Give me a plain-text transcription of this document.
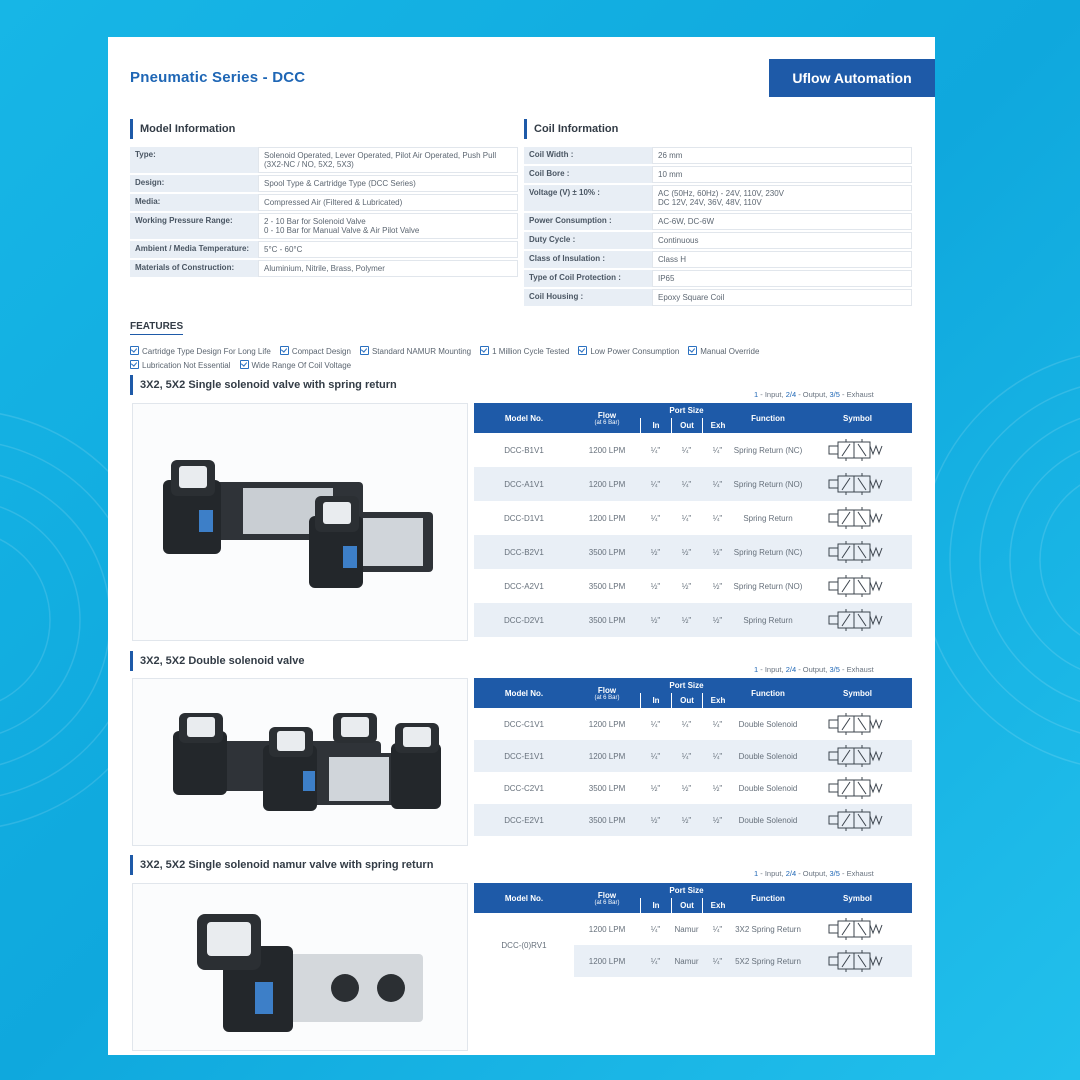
Pneumatic Series - DCC	Uflow Automation
Model Information
Type:	Solenoid Operated, Lever Operated, Pilot Air Operated, Push Pull (3X2-NC / NO, 5X2, 5X3)
Design:	Spool Type & Cartridge Type (DCC Series)
Media:	Compressed Air (Filtered & Lubricated)
Working Pressure Range:	2 - 10 Bar for Solenoid Valve
0 - 10 Bar for Manual Valve & Air Pilot Valve
Ambient / Media Temperature:	5°C - 60°C
Materials of Construction:	Aluminium, Nitrile, Brass, Polymer
Coil Information
Coil Width :	26 mm
Coil Bore :	10 mm
Voltage (V) ± 10% :	AC (50Hz, 60Hz) - 24V, 110V, 230V
DC 12V, 24V, 36V, 48V, 110V
Power Consumption :	AC-6W, DC-6W
Duty Cycle :	Continuous
Class of Insulation :	Class H
Type of Coil Protection :	IP65
Coil Housing :	Epoxy Square Coil
FEATURES
Cartridge Type Design For Long Life	Compact Design	Standard NAMUR Mounting	1 Million Cycle Tested	Low Power Consumption	Manual OverrideLubrication Not Essential	Wide Range Of Coil Voltage
3X2, 5X2 Single solenoid valve with spring return
1 - Input, 2/4 - Output, 3/5 - Exhaust
Model No.	Flow
(at 6 Bar)	Port Size			Function	Symbol
		In	Out	Exh		
DCC-B1V1	1200 LPM	¼"	¼"	¼"	Spring Return (NC)	

DCC-A1V1	1200 LPM	¼"	¼"	¼"	Spring Return (NO)	

DCC-D1V1	1200 LPM	¼"	¼"	¼"	Spring Return	

DCC-B2V1	3500 LPM	½"	½"	½"	Spring Return (NC)	

DCC-A2V1	3500 LPM	½"	½"	½"	Spring Return (NO)	

DCC-D2V1	3500 LPM	½"	½"	½"	Spring Return	
3X2, 5X2 Double solenoid valve
1 - Input, 2/4 - Output, 3/5 - Exhaust
Model No.	Flow
(at 6 Bar)	Port Size			Function	Symbol
		In	Out	Exh		
DCC-C1V1	1200 LPM	¼"	¼"	¼"	Double Solenoid	

DCC-E1V1	1200 LPM	¼"	¼"	¼"	Double Solenoid	

DCC-C2V1	3500 LPM	½"	½"	½"	Double Solenoid	

DCC-E2V1	3500 LPM	½"	½"	½"	Double Solenoid	
3X2, 5X2 Single solenoid namur valve with spring return
1 - Input, 2/4 - Output, 3/5 - Exhaust
Model No.	Flow
(at 6 Bar)	Port Size			Function	Symbol
		In	Out	Exh		
DCC-(0)RV1	1200 LPM	¼"	Namur	¼"	3X2 Spring Return	

	1200 LPM	¼"	Namur	¼"	5X2 Spring Return	
